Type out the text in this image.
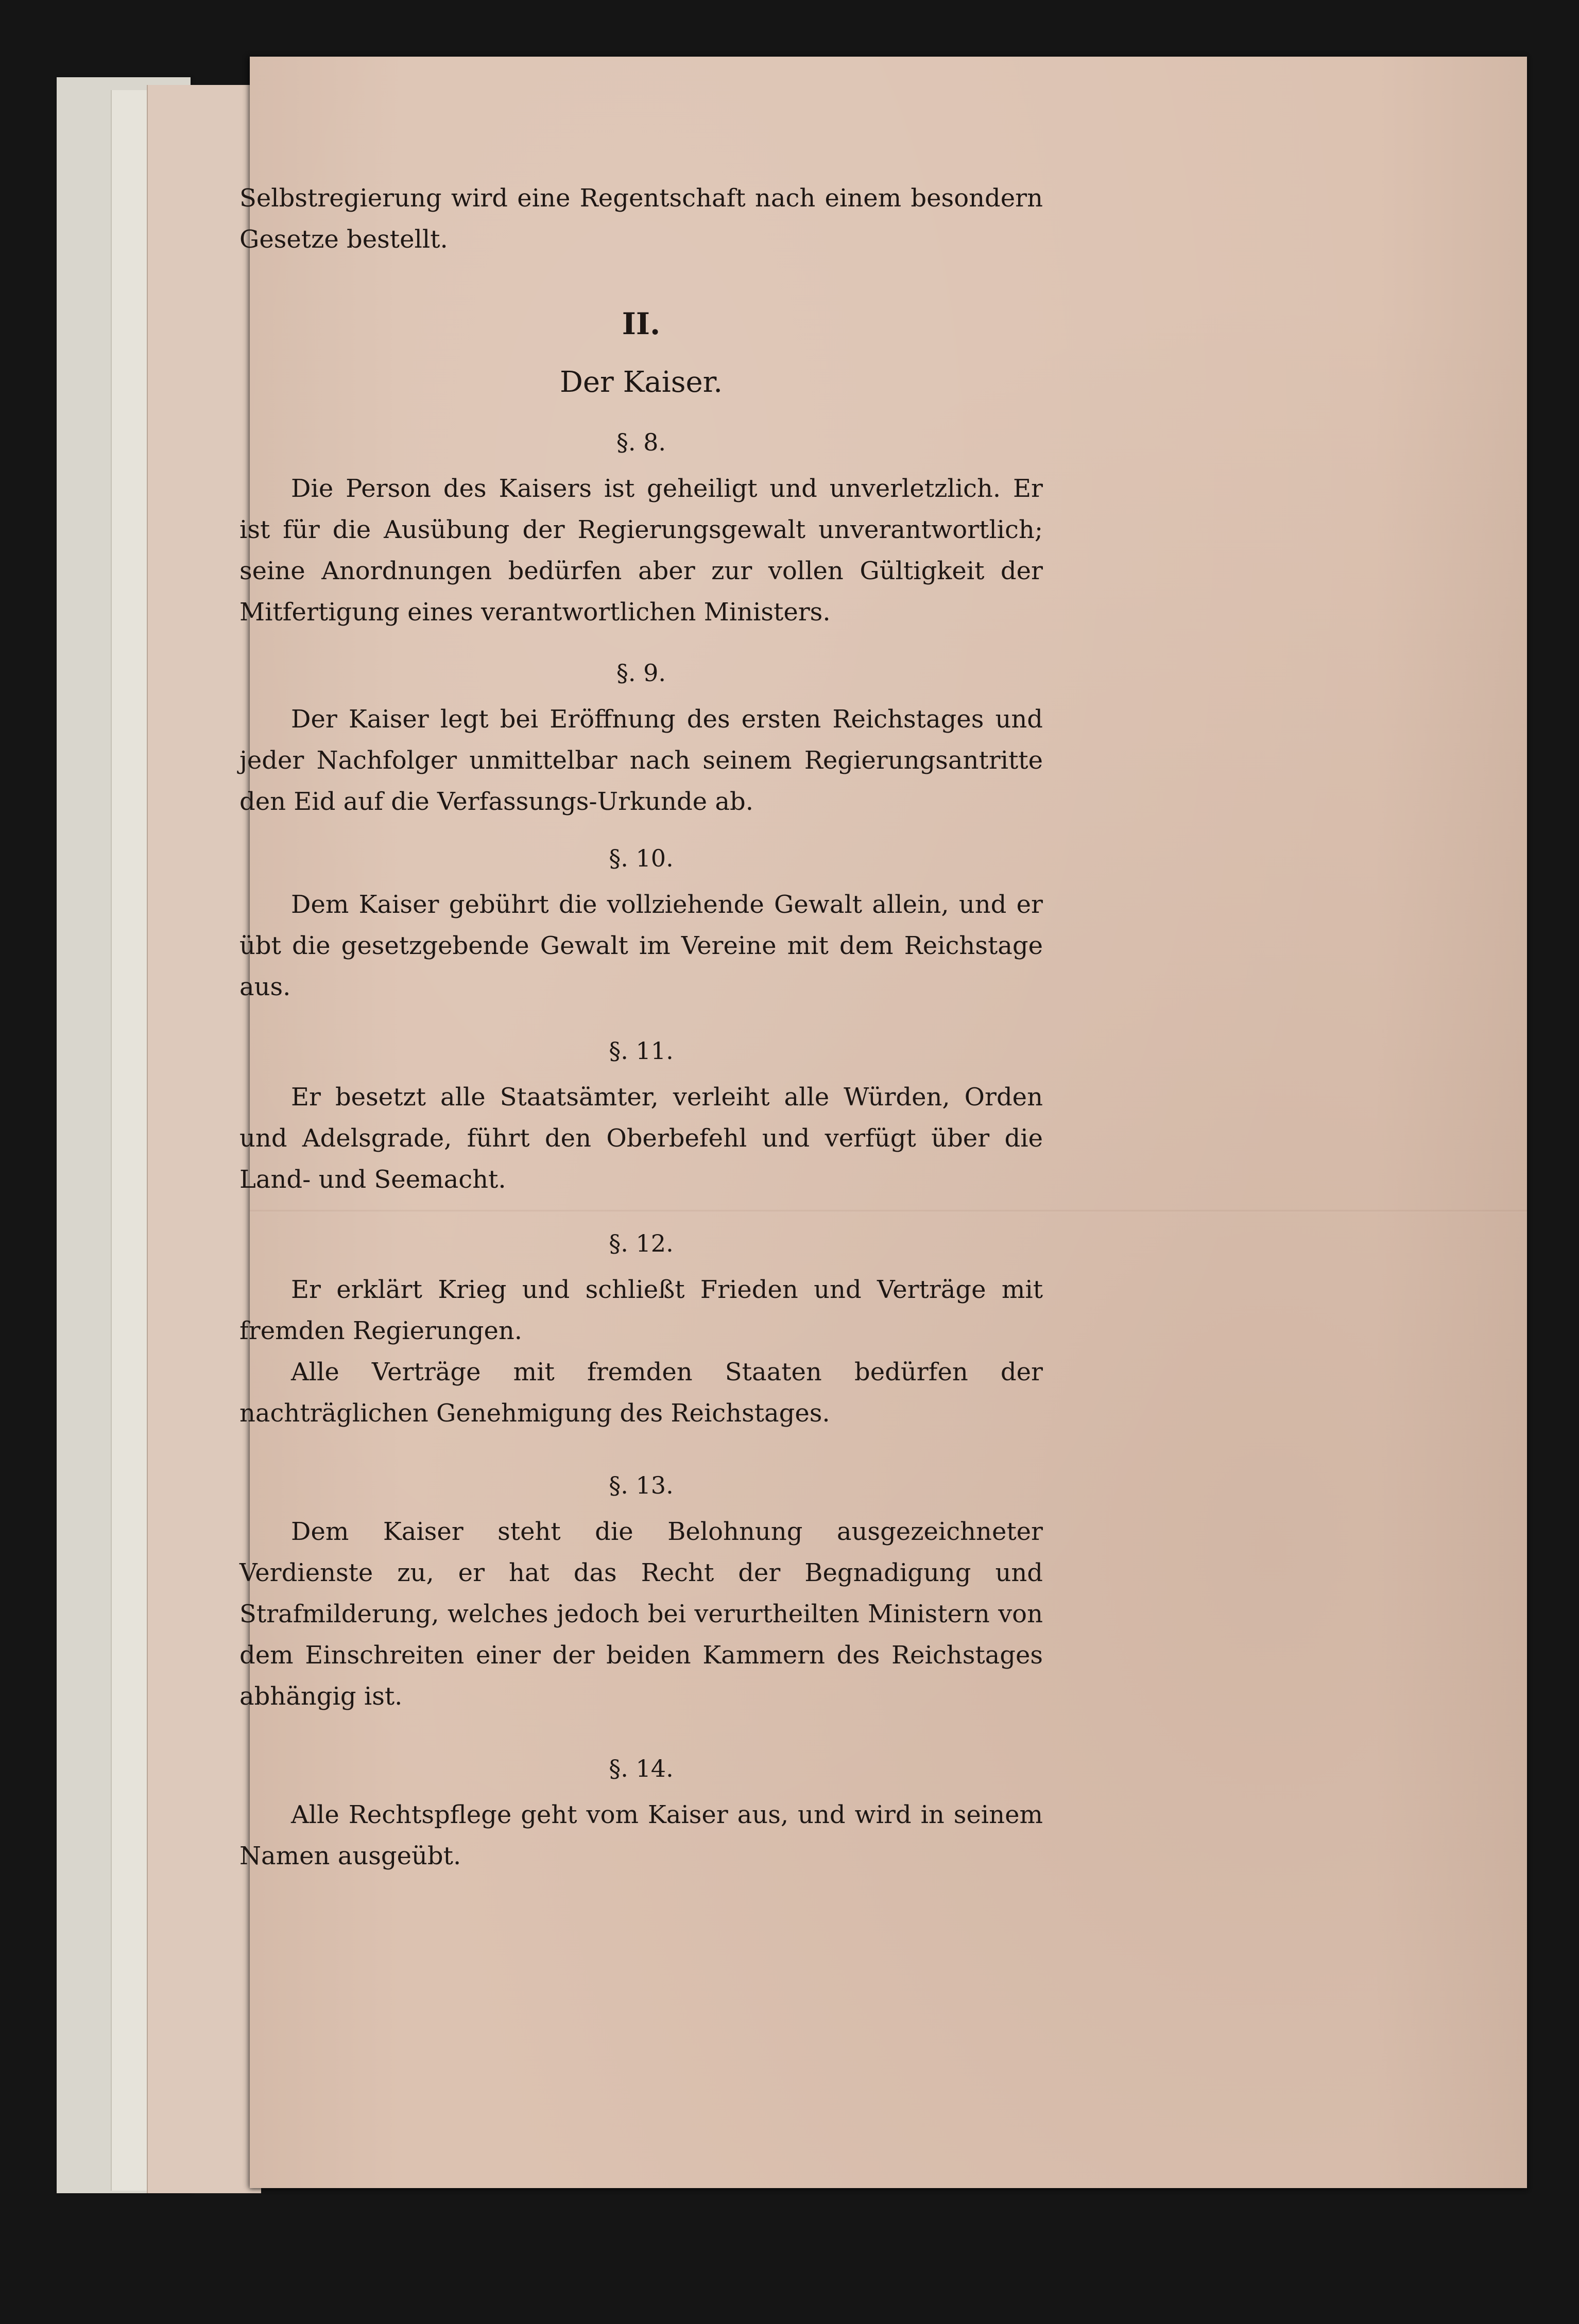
Selbstregierung wird eine Regentschaft nach einem besondern Gesetze bestellt.

II.
Der Kaiser.
§. 8.

Die Person des Kaisers ist geheiligt und unverletzlich. Er ist für die Ausübung der Regierungsgewalt unverantwortlich; seine Anordnungen bedürfen aber zur vollen Gültigkeit der Mitfertigung eines verantwortlichen Ministers.

§. 9.

Der Kaiser legt bei Eröffnung des ersten Reichstages und jeder Nachfolger unmittelbar nach seinem Regierungsantritte den Eid auf die Verfassungs-Urkunde ab.

§. 10.

Dem Kaiser gebührt die vollziehende Gewalt allein, und er übt die gesetzgebende Gewalt im Vereine mit dem Reichstage aus.

§. 11.

Er besetzt alle Staatsämter, verleiht alle Würden, Orden und Adelsgrade, führt den Oberbefehl und verfügt über die Land- und Seemacht.

§. 12.

Er erklärt Krieg und schließt Frieden und Verträge mit fremden Regierungen.

Alle Verträge mit fremden Staaten bedürfen der nachträglichen Genehmigung des Reichstages.

§. 13.

Dem Kaiser steht die Belohnung ausgezeichneter Verdienste zu, er hat das Recht der Begnadigung und Strafmilderung, welches jedoch bei verurtheilten Ministern von dem Einschreiten einer der beiden Kammern des Reichstages abhängig ist.

§. 14.

Alle Rechtspflege geht vom Kaiser aus, und wird in seinem Namen ausgeübt.
